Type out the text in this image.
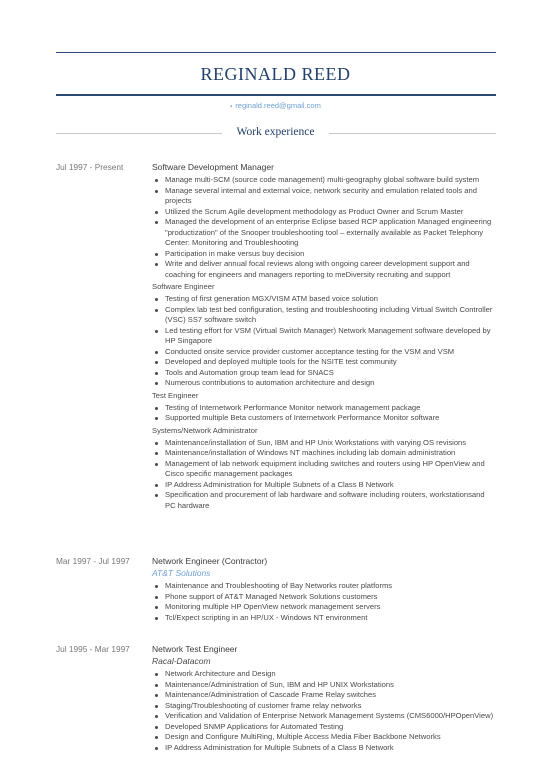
REGINALD REED
▪ reginald.reed@gmail.com
Work experience
Jul 1997 - Present	Software Development Manager
Manage multi-SCM (source code management) multi-geography global software build system
Manage several internal and external voice, network security and emulation related tools and projects
Utilized the Scrum Agile development methodology as Product Owner and Scrum Master
Managed the development of an enterprise Eclipse based RCP application Managed engineering "productization" of the Snooper troubleshooting tool – externally available as Packet Telephony Center: Monitoring and Troubleshooting
Participation in make versus buy decision
Write and deliver annual focal reviews along with ongoing career development support and coaching for engineers and managers reporting to meDiversity recruiting and support
Software Engineer
Testing of first generation MGX/VISM ATM based voice solution
Complex lab test bed configuration, testing and troubleshooting including Virtual Switch Controller (VSC) SS7 software switch
Led testing effort for VSM (Virtual Switch Manager) Network Management software developed by HP Singapore
Conducted onsite service provider customer acceptance testing for the VSM and VSM
Developed and deployed multiple tools for the NSITE test community
Tools and Automation group team lead for SNACS
Numerous contributions to automation architecture and design
Test Engineer
Testing of Internetwork Performance Monitor network management package
Supported multiple Beta customers of Internetwork Performance Monitor software
Systems/Network Administrator
Maintenance/installation of Sun, IBM and HP Unix Workstations with varying OS revisions
Maintenance/installation of Windows NT machines including lab domain administration
Management of lab network equipment including switches and routers using HP OpenView and Cisco specific management packages
IP Address Administration for Multiple Subnets of a Class B Network
Specification and procurement of lab hardware and software including routers, workstationsand PC hardware
Mar 1997 - Jul 1997	Network Engineer (Contractor)
AT&T Solutions
Maintenance and Troubleshooting of Bay Networks router platforms
Phone support of AT&T Managed Network Solutions customers
Monitoring multiple HP OpenView network management servers
Tcl/Expect scripting in an HP/UX - Windows NT environment
Jul 1995 - Mar 1997	Network Test Engineer
Racal-Datacom
Network Architecture and Design
Maintenance/Administration of Sun, IBM and HP UNIX Workstations
Maintenance/Administration of Cascade Frame Relay switches
Staging/Troubleshooting of customer frame relay networks
Verification and Validation of Enterprise Network Management Systems (CMS6000/HPOpenView)
Developed SNMP Applications for Automated Testing
Design and Configure MultiRing, Multiple Access Media Fiber Backbone Networks
IP Address Administration for Multiple Subnets of a Class B Network
